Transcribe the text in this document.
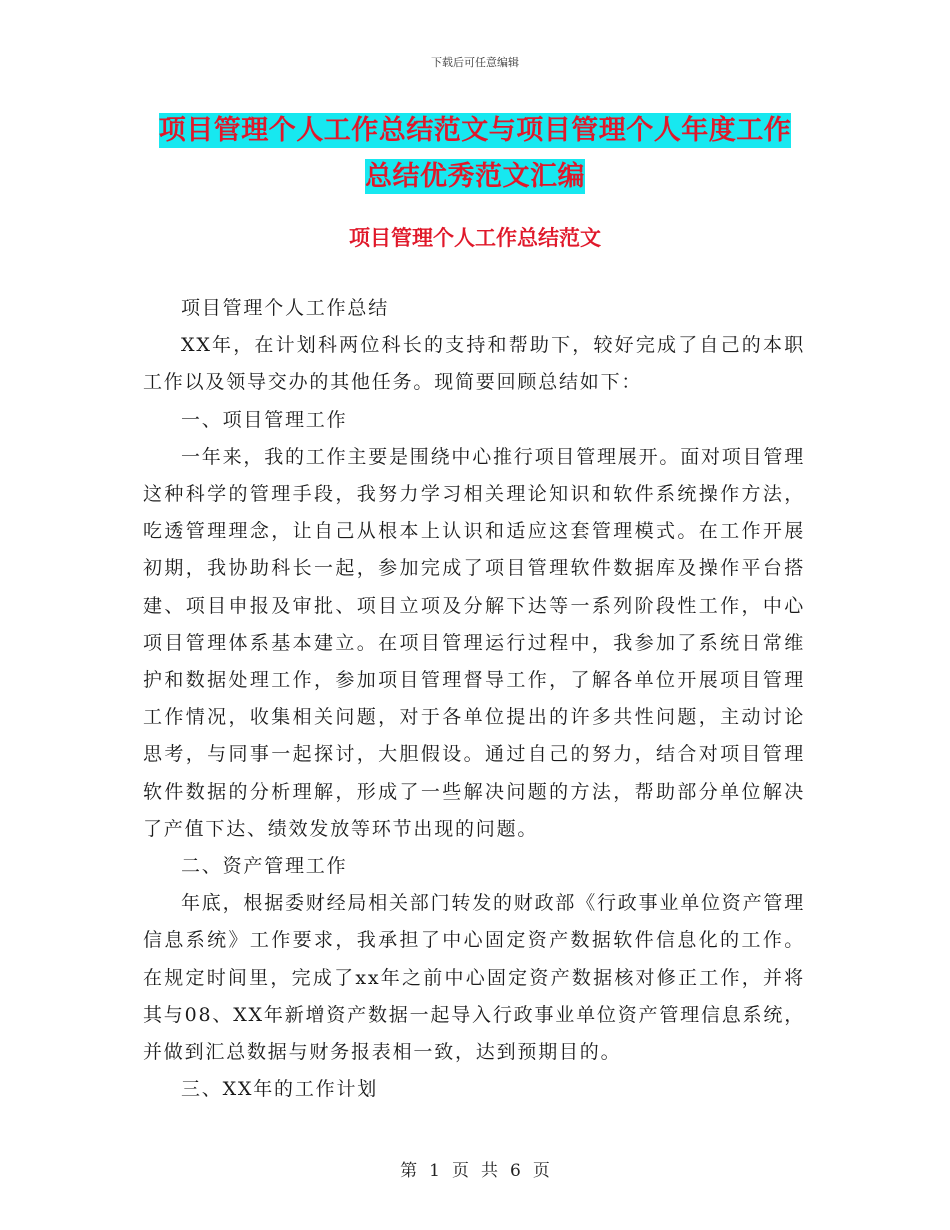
下载后可任意编辑
项目管理个人工作总结范文与项目管理个人年度工作总结优秀范文汇编
项目管理个人工作总结范文

项目管理个人工作总结

XX年，在计划科两位科长的支持和帮助下，较好完成了自己的本职工作以及领导交办的其他任务。现简要回顾总结如下：

一、项目管理工作

一年来，我的工作主要是围绕中心推行项目管理展开。面对项目管理这种科学的管理手段，我努力学习相关理论知识和软件系统操作方法，吃透管理理念，让自己从根本上认识和适应这套管理模式。在工作开展初期，我协助科长一起，参加完成了项目管理软件数据库及操作平台搭建、项目申报及审批、项目立项及分解下达等一系列阶段性工作，中心项目管理体系基本建立。在项目管理运行过程中，我参加了系统日常维护和数据处理工作，参加项目管理督导工作，了解各单位开展项目管理工作情况，收集相关问题，对于各单位提出的许多共性问题，主动讨论思考，与同事一起探讨，大胆假设。通过自己的努力，结合对项目管理软件数据的分析理解，形成了一些解决问题的方法，帮助部分单位解决了产值下达、绩效发放等环节出现的问题。

二、资产管理工作

年底，根据委财经局相关部门转发的财政部《行政事业单位资产管理信息系统》工作要求，我承担了中心固定资产数据软件信息化的工作。在规定时间里，完成了xx年之前中心固定资产数据核对修正工作，并将其与08、XX年新增资产数据一起导入行政事业单位资产管理信息系统，并做到汇总数据与财务报表相一致，达到预期目的。

三、XX年的工作计划

第 1 页 共 6 页
